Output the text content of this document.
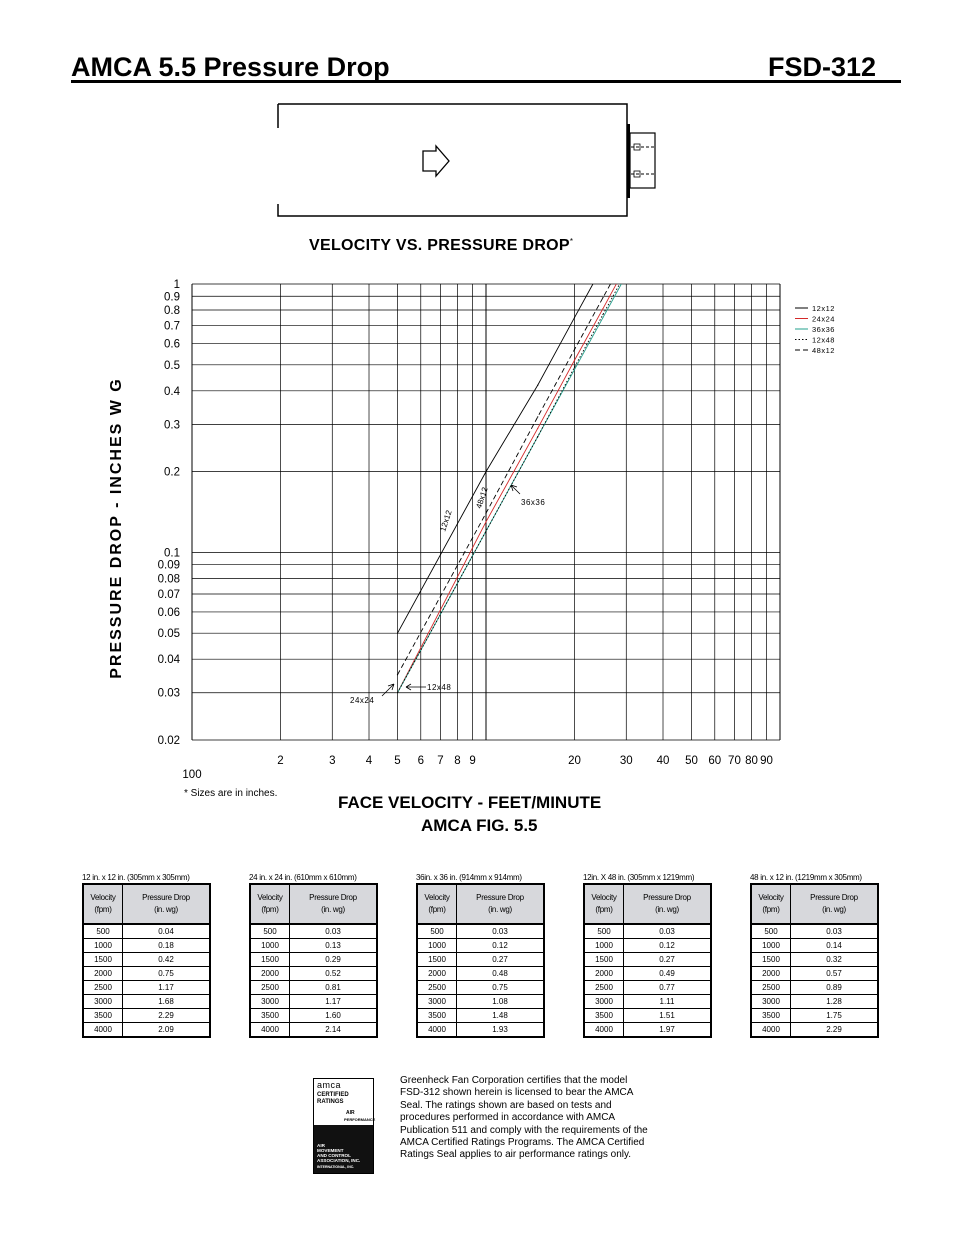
AMCA 5.5 Pressure Drop	FSD-312
VELOCITY VS. PRESSURE DROP*
PRESSURE DROP - INCHES W G
1
0.9
0.8
0.7
0.6
0.5
0.4
0.3
0.2
0.1
0.09
0.08
0.07
0.06
0.05
0.04
0.03
0.02
100
2	3	4 5 6 7 8 9	20	30 40 50 60 70 80 90
12x12
24x24
36x36
12x48
48x12
12x12
48x12	36x36
12x48
24x24
* Sizes are in inches.	FACE VELOCITY - FEET/MINUTE
AMCA FIG. 5.5
12 in. x 12 in. (305mm x 305mm)
Velocity
(fpm)	Pressure Drop
(in. wg)
500	0.04
1000	0.18
1500	0.42
2000	0.75
2500	1.17
3000	1.68
3500	2.29
4000	2.09
24 in. x 24 in. (610mm x 610mm)
Velocity
(fpm)	Pressure Drop
(in. wg)
500	0.03
1000	0.13
1500	0.29
2000	0.52
2500	0.81
3000	1.17
3500	1.60
4000	2.14
36in. x 36 in. (914mm x 914mm)
Velocity
(fpm)	Pressure Drop
(in. wg)
500	0.03
1000	0.12
1500	0.27
2000	0.48
2500	0.75
3000	1.08
3500	1.48
4000	1.93
12in. X 48 in. (305mm x 1219mm)
Velocity
(fpm)	Pressure Drop
(in. wg)
500	0.03
1000	0.12
1500	0.27
2000	0.49
2500	0.77
3000	1.11
3500	1.51
4000	1.97
48 in. x 12 in. (1219mm x 305mm)
Velocity
(fpm)	Pressure Drop
(in. wg)
500	0.03
1000	0.14
1500	0.32
2000	0.57
2500	0.89
3000	1.28
3500	1.75
4000	2.29
amca
CERTIFIED
RATINGS
AIR
PERFORMANCE
AIR
MOVEMENT
AND CONTROL
ASSOCIATION, INC.
INTERNATIONAL, INC.
Greenheck Fan Corporation certifies that the model FSD-312 shown herein is licensed to bear the AMCA Seal. The ratings shown are based on tests and procedures performed in accordance with AMCA Publication 511 and comply with the requirements of the AMCA Certified Ratings Programs. The AMCA Certified Ratings Seal applies to air performance ratings only.
